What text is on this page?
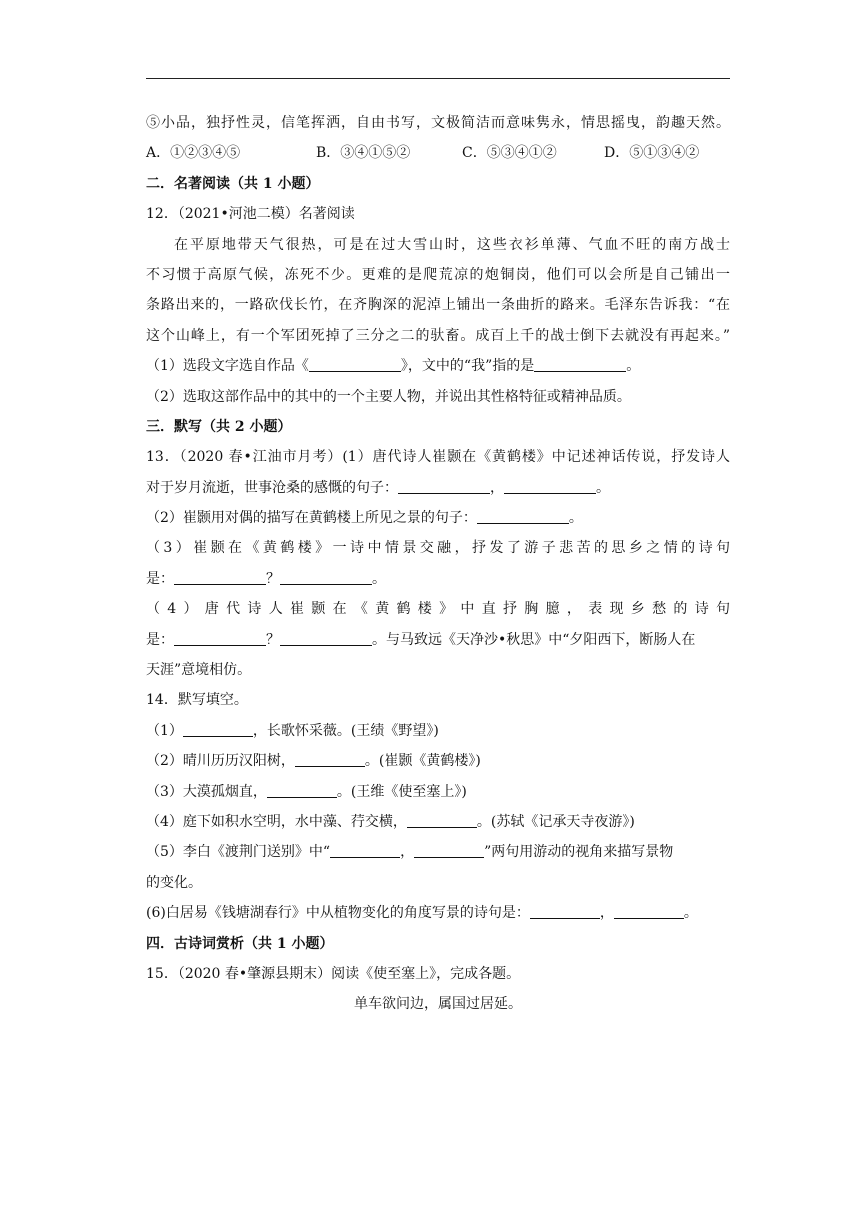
⑤小品，独抒性灵，信笔挥洒，自由书写，文极简洁而意味隽永，情思摇曳，韵趣天然。
A．①②③④⑤	B．③④①⑤②	C．⑤③④①②	D．⑤①③④②
二．名著阅读（共 1 小题）
12．（2021•河池二模）名著阅读
在平原地带天气很热，可是在过大雪山时，这些衣衫单薄、气血不旺的南方战士
不习惯于高原气候，冻死不少。更难的是爬荒凉的炮铜岗，他们可以会所是自己铺出一
条路出来的，一路砍伐长竹，在齐胸深的泥淖上铺出一条曲折的路来。毛泽东告诉我：“在
这个山峰上，有一个军团死掉了三分之二的驮畜。成百上千的战士倒下去就没有再起来。”
（1）选段文字选自作品《	》，文中的“我”指的是	。
（2）选取这部作品中的其中的一个主要人物，并说出其性格特征或精神品质。
三．默写（共 2 小题）
13．（2020 春•江油市月考）(1）唐代诗人崔颢在《黄鹤楼》中记述神话传说，抒发诗人
对于岁月流逝，世事沧桑的感慨的句子：	，	。
（2）崔颢用对偶的描写在黄鹤楼上所见之景的句子：	。
（3）崔颢在《黄鹤楼》一诗中情景交融，抒发了游子悲苦的思乡之情的诗句
是：	？	。
（4）唐代诗人崔颢在《黄鹤楼》中直抒胸臆，表现乡愁的诗句
是：	？	。与马致远《天净沙•秋思》中“夕阳西下，断肠人在
天涯”意境相仿。
14．默写填空。
（1）	，长歌怀采薇。(王绩《野望》)
（2）晴川历历汉阳树，	。(崔颢《黄鹤楼》)
（3）大漠孤烟直，	。(王维《使至塞上》)
（4）庭下如积水空明，水中藻、荇交横，	。(苏轼《记承天寺夜游》)
（5）李白《渡荆门送别》中“	，	”两句用游动的视角来描写景物
的变化。
(6)白居易《钱塘湖春行》中从植物变化的角度写景的诗句是：	，	。
四．古诗词赏析（共 1 小题）
15．（2020 春•肇源县期末）阅读《使至塞上》，完成各题。
单车欲问边，属国过居延。
